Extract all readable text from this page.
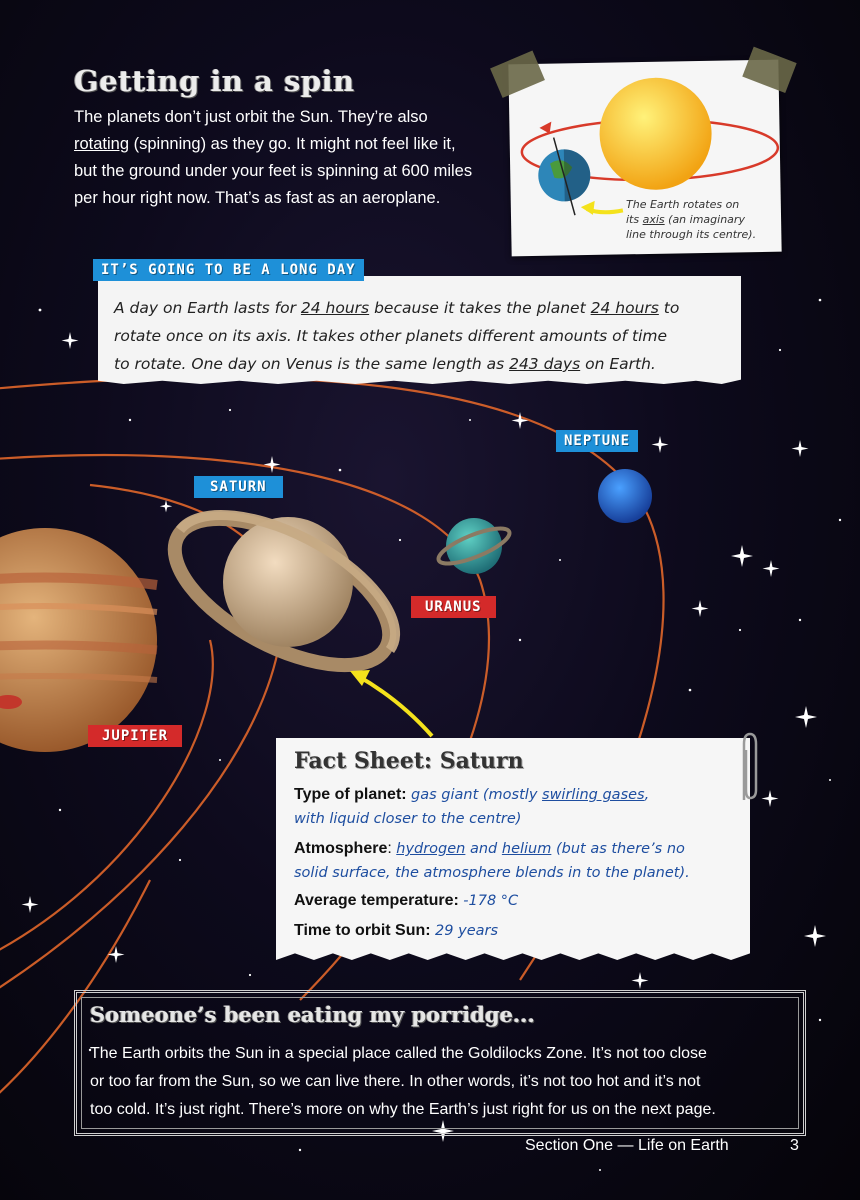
Getting in a spin
The planets don’t just orbit the Sun. They’re also
rotating (spinning) as they go. It might not feel like it,
but the ground under your feet is spinning at 600 miles
per hour right now. That’s as fast as an aeroplane.	The Earth rotates on
its axis (an imaginary
line through its centre).
IT’S GOING TO BE A LONG DAY
A day on Earth lasts for 24 hours because it takes the planet 24 hours to
rotate once on its axis. It takes other planets different amounts of time
to rotate. One day on Venus is the same length as 243 days on Earth.
NEPTUNE
SATURN
URANUS
JUPITER
Fact Sheet: Saturn
Type of planet: gas giant (mostly swirling gases,
with liquid closer to the centre)
Atmosphere: hydrogen and helium (but as there’s no
solid surface, the atmosphere blends in to the planet).
Average temperature: -178 °C
Time to orbit Sun: 29 years
Someone’s been eating my porridge...
The Earth orbits the Sun in a special place called the Goldilocks Zone. It’s not too close
or too far from the Sun, so we can live there. In other words, it’s not too hot and it’s not
too cold. It’s just right. There’s more on why the Earth’s just right for us on the next page.
Section One — Life on Earth	3
